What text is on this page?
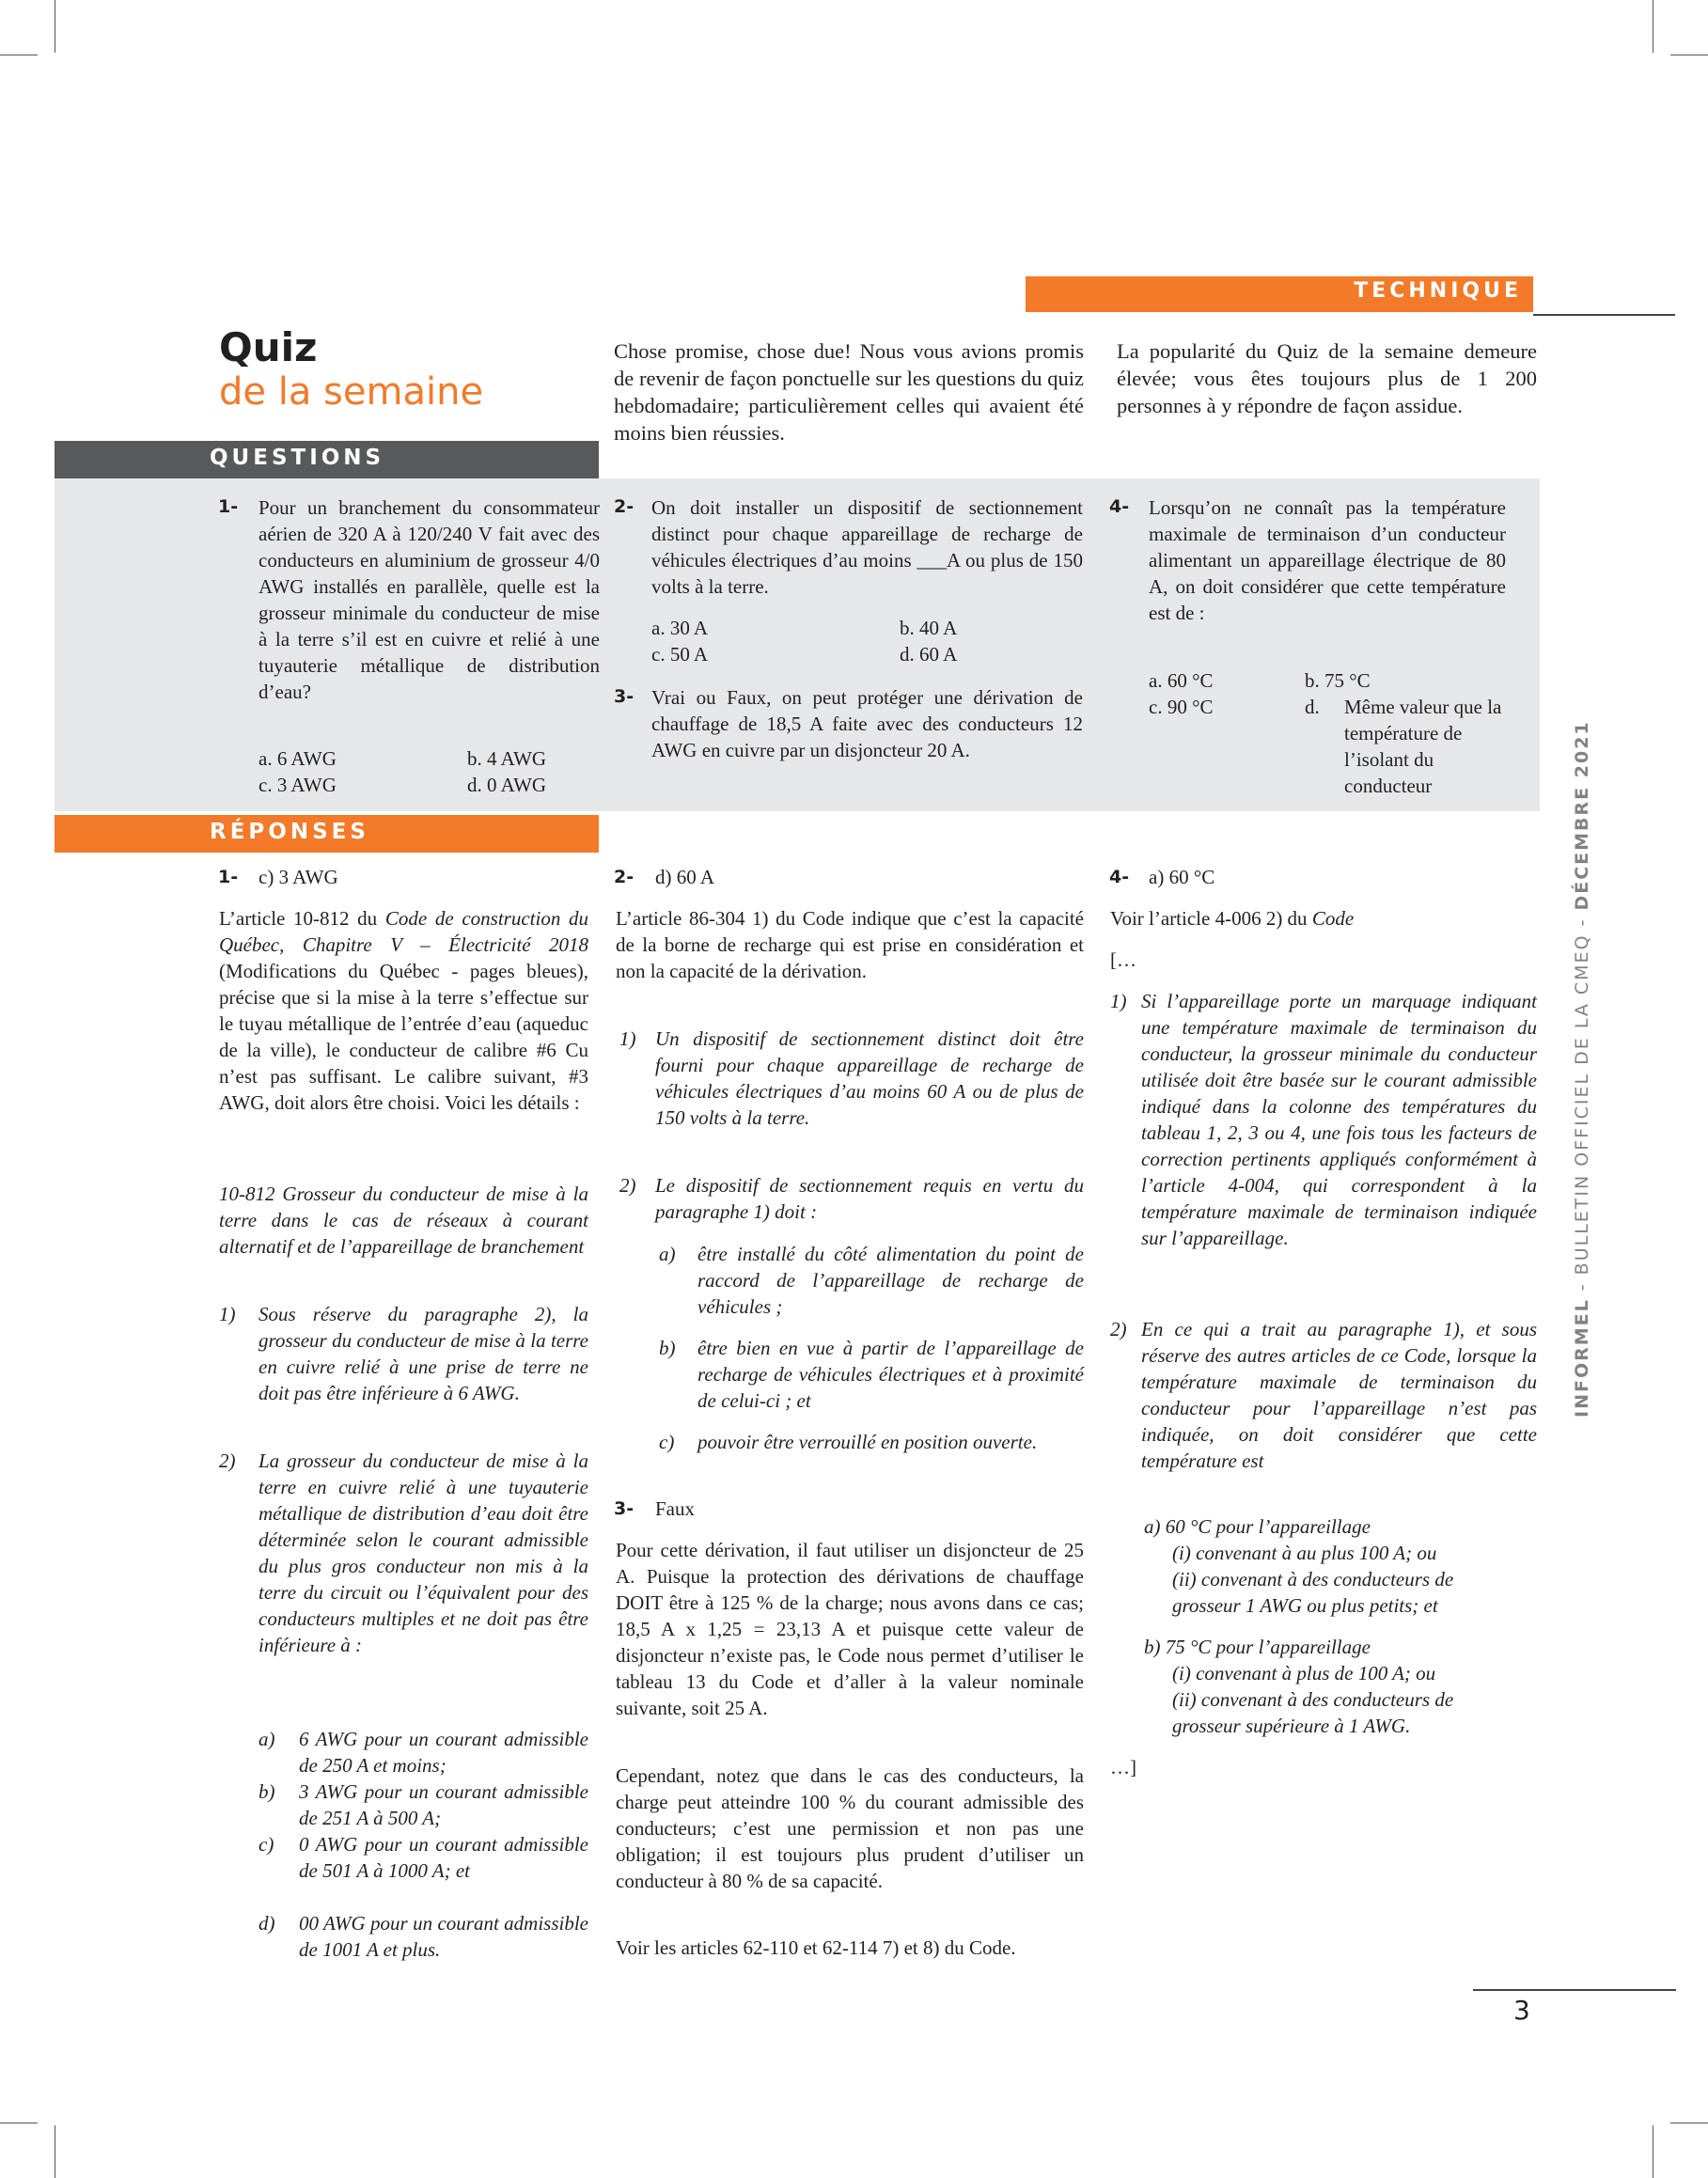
TECHNIQUE
Quiz
de la semaine
Chose promise, chose due! Nous vous avions promis de revenir de façon ponctuelle sur les questions du quiz hebdomadaire; particulièrement celles qui avaient été moins bien réussies.
La popularité du Quiz de la semaine demeure élevée; vous êtes toujours plus de 1 200 personnes à y répondre de façon assidue.
QUESTIONS
1- Pour un branchement du consommateur aérien de 320 A à 120/240 V fait avec des conducteurs en aluminium de grosseur 4/0 AWG installés en parallèle, quelle est la grosseur minimale du conducteur de mise à la terre s’il est en cuivre et relié à une tuyauterie métallique de distribution d’eau?
a. 6 AWG	b. 4 AWG
c. 3 AWG	d. 0 AWG
2- On doit installer un dispositif de sectionnement distinct pour chaque appareillage de recharge de véhicules électriques d’au moins ___A ou plus de 150 volts à la terre.
a. 30 A	b. 40 A
c. 50 A	d. 60 A
3- Vrai ou Faux, on peut protéger une dérivation de chauffage de 18,5 A faite avec des conducteurs 12 AWG en cuivre par un disjoncteur 20 A.
4- Lorsqu’on ne connaît pas la température maximale de terminaison d’un conducteur alimentant un appareillage électrique de 80 A, on doit considérer que cette température est de :
a. 60 °C	b. 75 °C
c. 90 °C	d. Même valeur que la température de l’isolant du conducteur
RÉPONSES
1- c) 3 AWG
L’article 10-812 du Code de construction du Québec, Chapitre V – Électricité 2018 (Modifications du Québec - pages bleues), précise que si la mise à la terre s’effectue sur le tuyau métallique de l’entrée d’eau (aqueduc de la ville), le conducteur de calibre #6 Cu n’est pas suffisant. Le calibre suivant, #3 AWG, doit alors être choisi. Voici les détails :
10-812 Grosseur du conducteur de mise à la terre dans le cas de réseaux à courant alternatif et de l’appareillage de branchement
1) Sous réserve du paragraphe 2), la grosseur du conducteur de mise à la terre en cuivre relié à une prise de terre ne doit pas être inférieure à 6 AWG.
2) La grosseur du conducteur de mise à la terre en cuivre relié à une tuyauterie métallique de distribution d’eau doit être déterminée selon le courant admissible du plus gros conducteur non mis à la terre du circuit ou l’équivalent pour des conducteurs multiples et ne doit pas être inférieure à :
a) 6 AWG pour un courant admissible de 250 A et moins;
b) 3 AWG pour un courant admissible de 251 A à 500 A;
c) 0 AWG pour un courant admissible de 501 A à 1000 A; et
d) 00 AWG pour un courant admissible de 1001 A et plus.
2- d) 60 A
L’article 86-304 1) du Code indique que c’est la capacité de la borne de recharge qui est prise en considération et non la capacité de la dérivation.
1) Un dispositif de sectionnement distinct doit être fourni pour chaque appareillage de recharge de véhicules électriques d’au moins 60 A ou de plus de 150 volts à la terre.
2) Le dispositif de sectionnement requis en vertu du paragraphe 1) doit :
a) être installé du côté alimentation du point de raccord de l’appareillage de recharge de véhicules ;
b) être bien en vue à partir de l’appareillage de recharge de véhicules électriques et à proximité de celui-ci ; et
c) pouvoir être verrouillé en position ouverte.
3- Faux
Pour cette dérivation, il faut utiliser un disjoncteur de 25 A. Puisque la protection des dérivations de chauffage DOIT être à 125 % de la charge; nous avons dans ce cas; 18,5 A x 1,25 = 23,13 A et puisque cette valeur de disjoncteur n’existe pas, le Code nous permet d’utiliser le tableau 13 du Code et d’aller à la valeur nominale suivante, soit 25 A.
Cependant, notez que dans le cas des conducteurs, la charge peut atteindre 100 % du courant admissible des conducteurs; c’est une permission et non pas une obligation; il est toujours plus prudent d’utiliser un conducteur à 80 % de sa capacité.
Voir les articles 62-110 et 62-114 7) et 8) du Code.
4- a) 60 °C
Voir l’article 4-006 2) du Code
[…
1) Si l’appareillage porte un marquage indiquant une température maximale de terminaison du conducteur, la grosseur minimale du conducteur utilisée doit être basée sur le courant admissible indiqué dans la colonne des températures du tableau 1, 2, 3 ou 4, une fois tous les facteurs de correction pertinents appliqués conformément à l’article 4-004, qui correspondent à la température maximale de terminaison indiquée sur l’appareillage.
2) En ce qui a trait au paragraphe 1), et sous réserve des autres articles de ce Code, lorsque la température maximale de terminaison du conducteur pour l’appareillage n’est pas indiquée, on doit considérer que cette température est
a) 60 °C pour l’appareillage
(i) convenant à au plus 100 A; ou
(ii) convenant à des conducteurs de
grosseur 1 AWG ou plus petits; et
b) 75 °C pour l’appareillage
(i) convenant à plus de 100 A; ou
(ii) convenant à des conducteurs de
grosseur supérieure à 1 AWG.
…]
INFORMEL - BULLETIN OFFICIEL DE LA CMEQ - DÉCEMBRE 2021
3
